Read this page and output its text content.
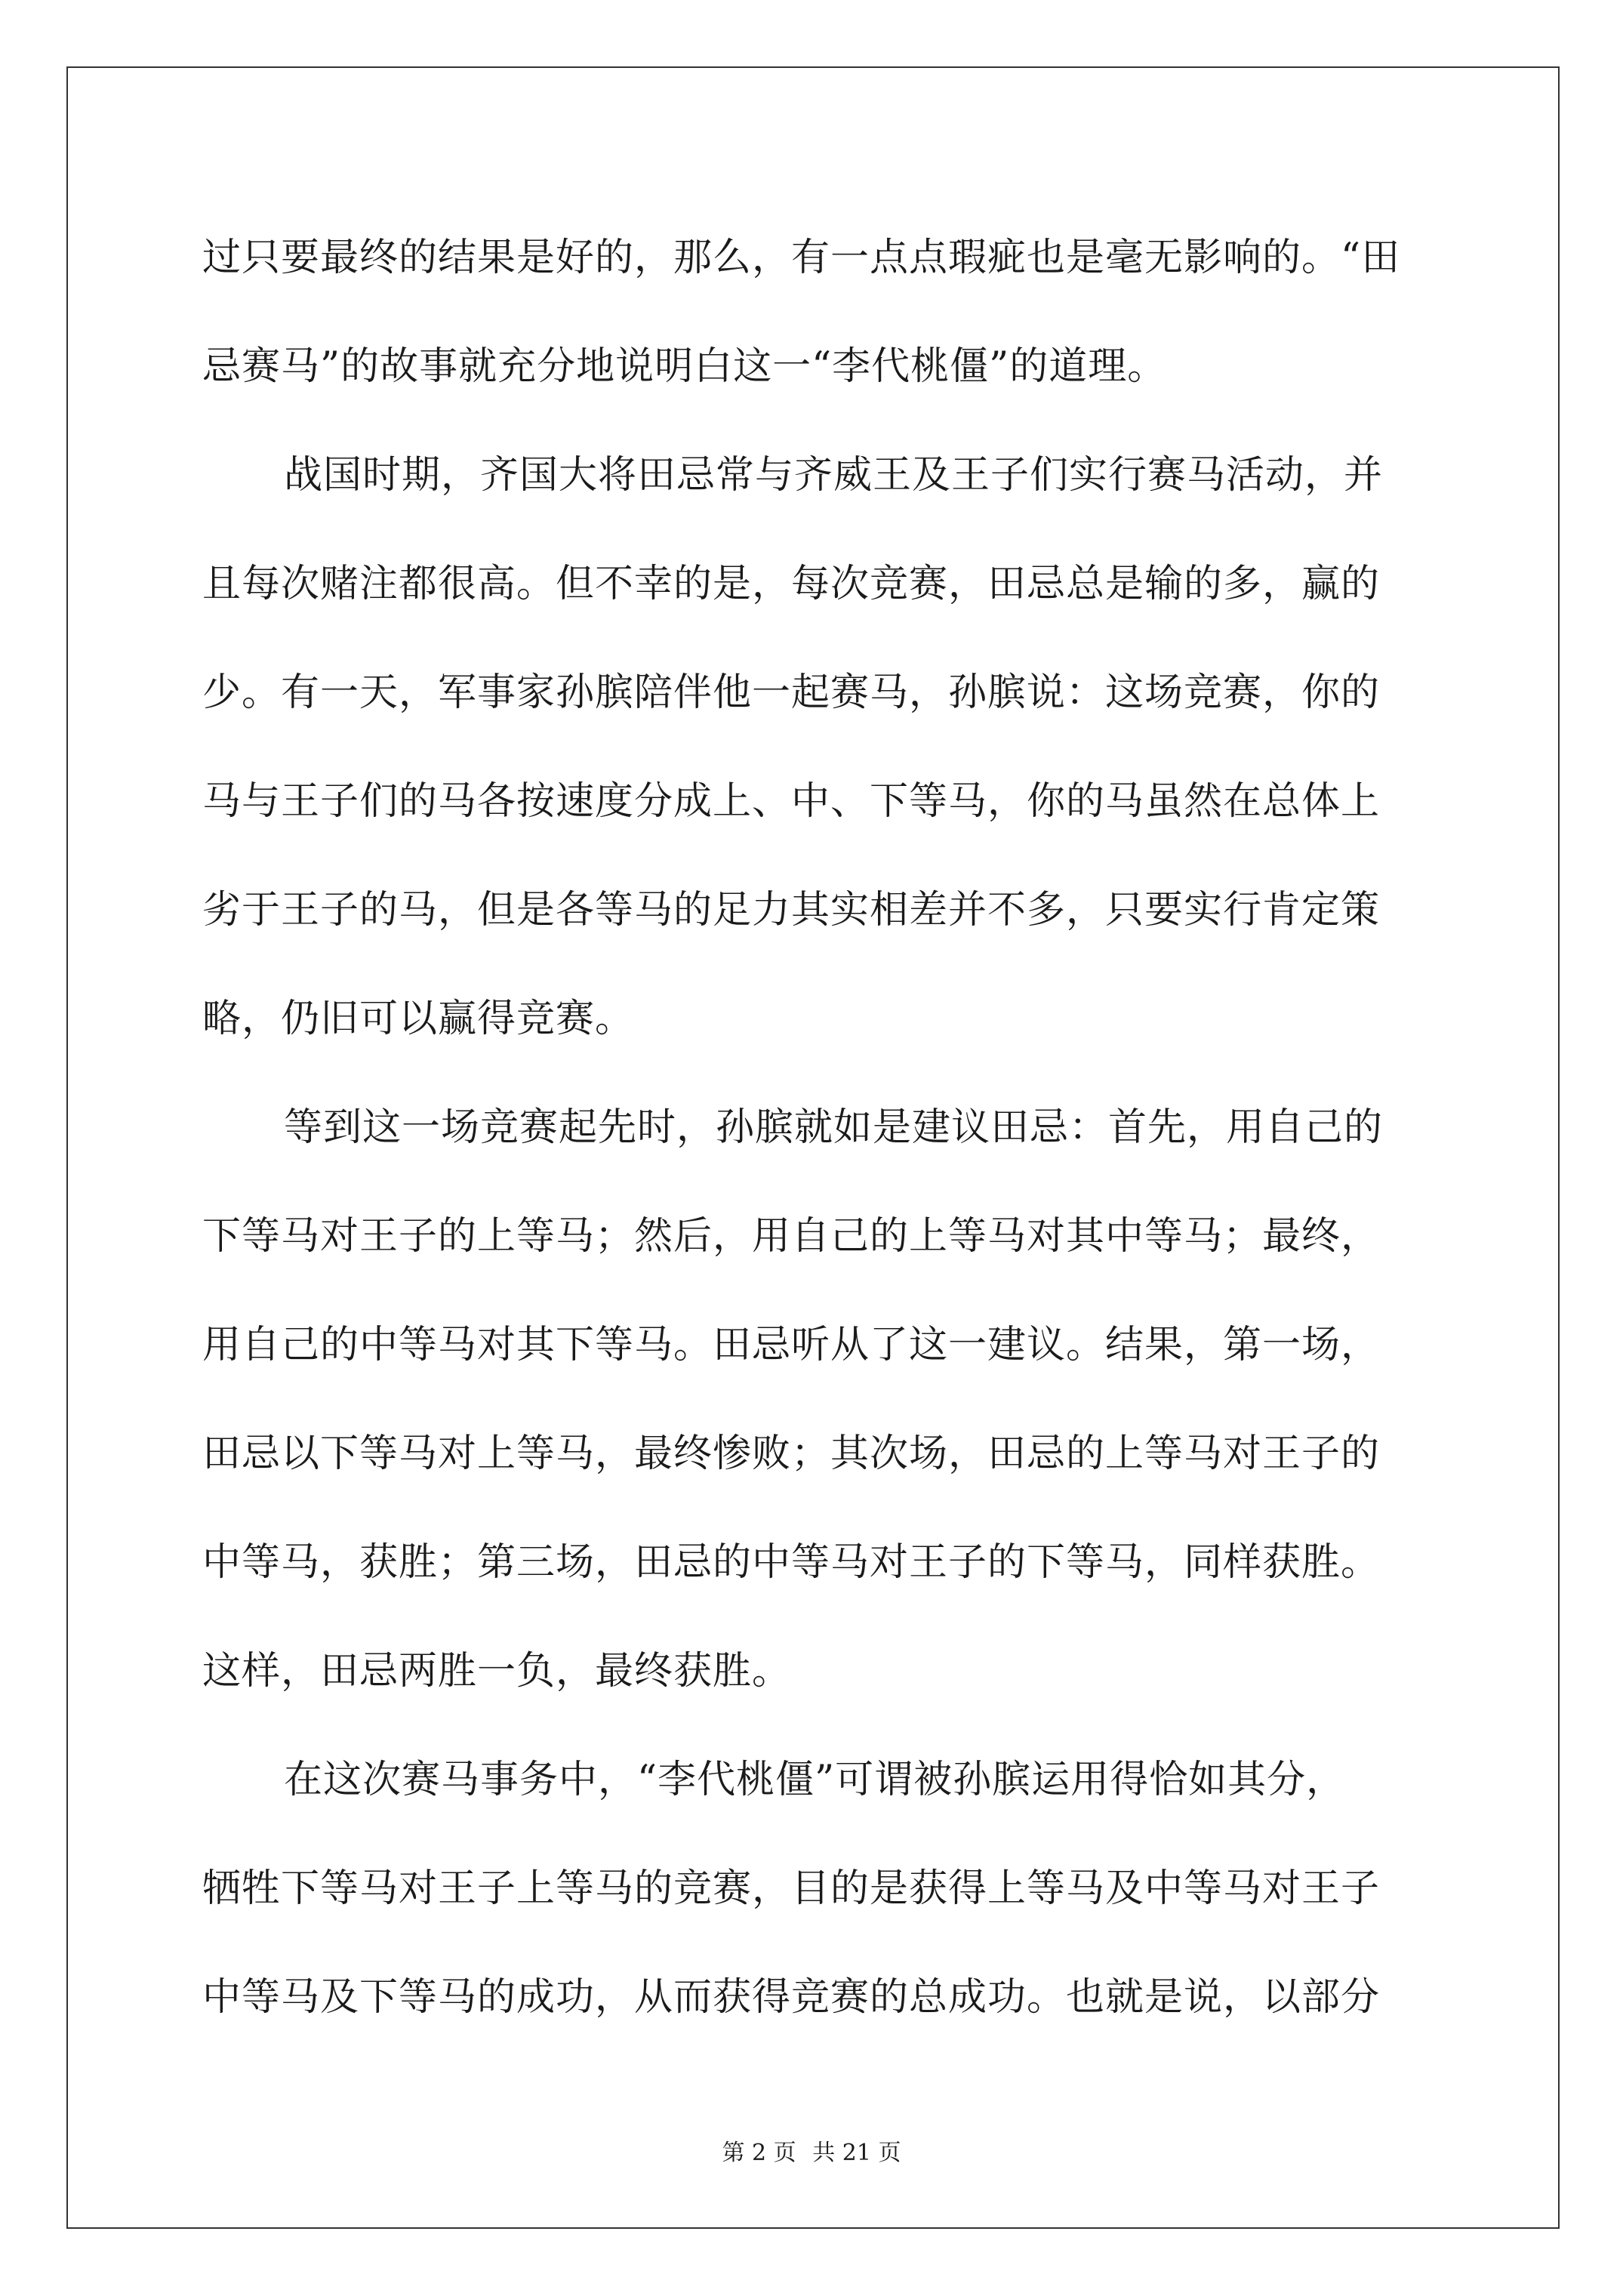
过只要最终的结果是好的，那么，有一点点瑕疵也是毫无影响的。“田
忌赛马”的故事就充分地说明白这一“李代桃僵”的道理。
战国时期，齐国大将田忌常与齐威王及王子们实行赛马活动，并
且每次赌注都很高。但不幸的是，每次竞赛，田忌总是输的多，赢的
少。有一天，军事家孙膑陪伴他一起赛马，孙膑说：这场竞赛，你的
马与王子们的马各按速度分成上、中、下等马，你的马虽然在总体上
劣于王子的马，但是各等马的足力其实相差并不多，只要实行肯定策
略，仍旧可以赢得竞赛。
等到这一场竞赛起先时，孙膑就如是建议田忌：首先，用自己的
下等马对王子的上等马；然后，用自己的上等马对其中等马；最终，
用自己的中等马对其下等马。田忌听从了这一建议。结果，第一场，
田忌以下等马对上等马，最终惨败；其次场，田忌的上等马对王子的
中等马，获胜；第三场，田忌的中等马对王子的下等马，同样获胜。
这样，田忌两胜一负，最终获胜。
在这次赛马事务中，“李代桃僵”可谓被孙膑运用得恰如其分，
牺牲下等马对王子上等马的竞赛，目的是获得上等马及中等马对王子
中等马及下等马的成功，从而获得竞赛的总成功。也就是说，以部分
第 2 页 共 21 页
